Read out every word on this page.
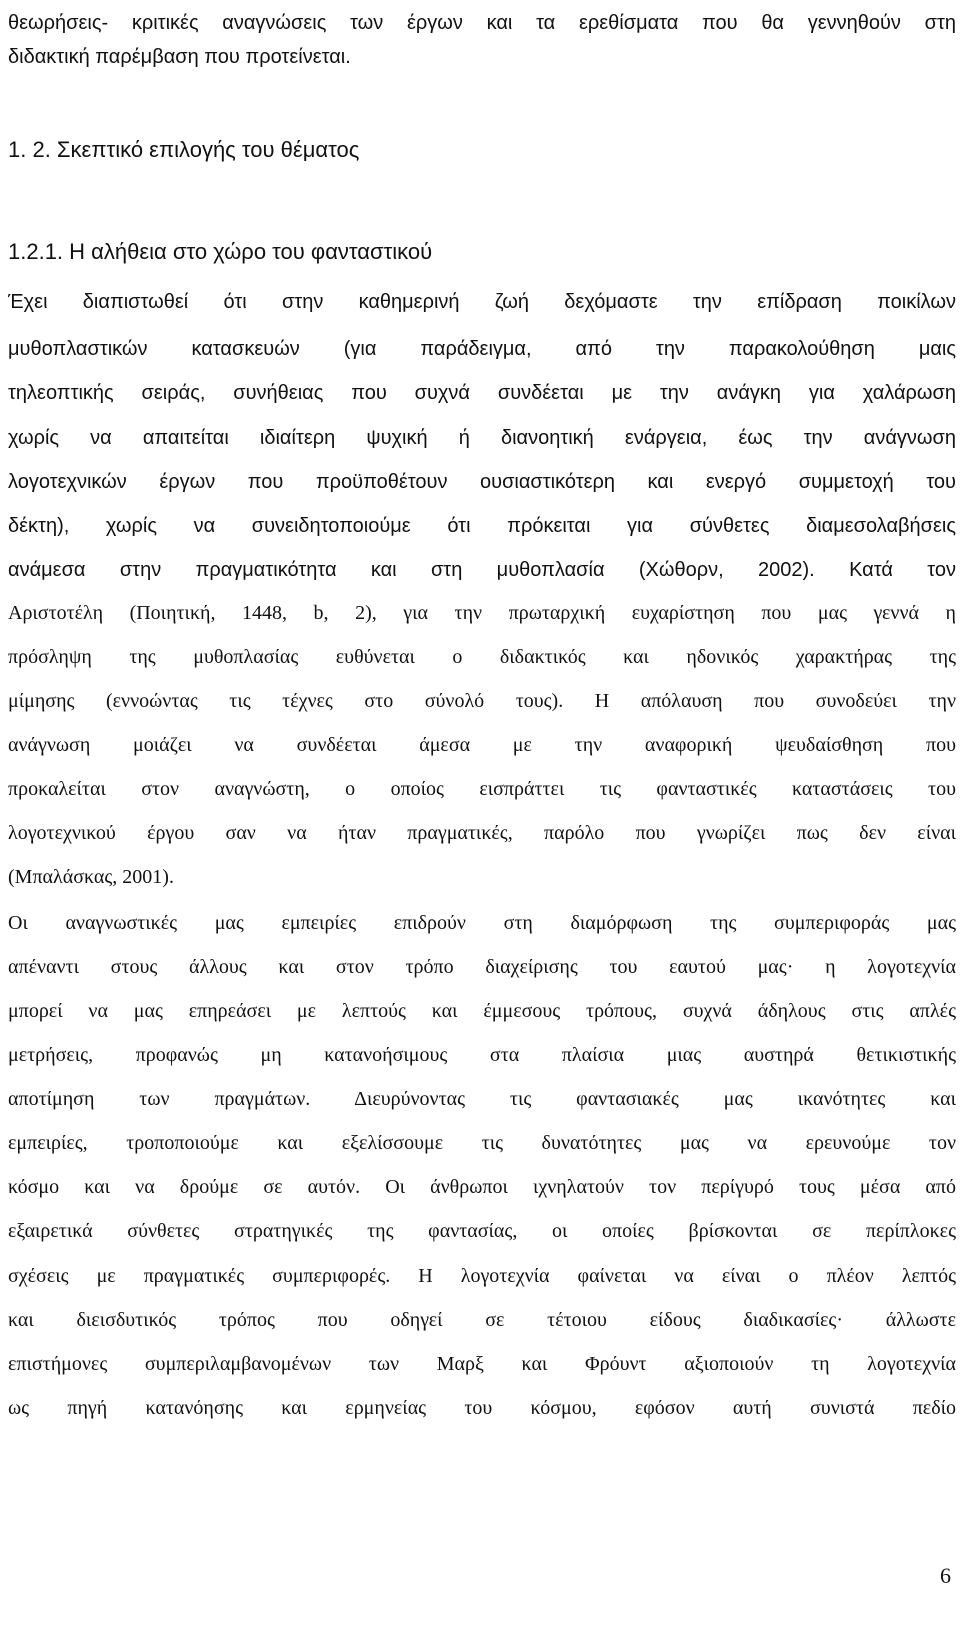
θεωρήσεις- κριτικές αναγνώσεις των έργων και τα ερεθίσματα που θα γεννηθούν στη
διδακτική παρέμβαση που προτείνεται.
1. 2. Σκεπτικό επιλογής του θέματος
1.2.1. Η αλήθεια στο χώρο του φανταστικού
Έχει διαπιστωθεί ότι στην καθημερινή ζωή δεχόμαστε την επίδραση ποικίλων
μυθοπλαστικών κατασκευών (για παράδειγμα, από την παρακολούθηση μαις
τηλεοπτικής σειράς, συνήθειας που συχνά συνδέεται με την ανάγκη για χαλάρωση
χωρίς να απαιτείται ιδιαίτερη ψυχική ή διανοητική ενάργεια, έως την ανάγνωση
λογοτεχνικών έργων που προϋποθέτουν ουσιαστικότερη και ενεργό συμμετοχή του
δέκτη), χωρίς να συνειδητοποιούμε ότι πρόκειται για σύνθετες διαμεσολαβήσεις
ανάμεσα στην πραγματικότητα και στη μυθοπλασία (Χώθορν, 2002). Κατά τον
Αριστοτέλη (Ποιητική, 1448, b, 2), για την πρωταρχική ευχαρίστηση που μας γεννά η
πρόσληψη της μυθοπλασίας ευθύνεται ο διδακτικός και ηδονικός χαρακτήρας της
μίμησης (εννοώντας τις τέχνες στο σύνολό τους). Η απόλαυση που συνοδεύει την
ανάγνωση μοιάζει να συνδέεται άμεσα με την αναφορική ψευδαίσθηση που
προκαλείται στον αναγνώστη, ο οποίος εισπράττει τις φανταστικές καταστάσεις του
λογοτεχνικού έργου σαν να ήταν πραγματικές, παρόλο που γνωρίζει πως δεν είναι
(Μπαλάσκας, 2001).
Οι αναγνωστικές μας εμπειρίες επιδρούν στη διαμόρφωση της συμπεριφοράς μας
απέναντι στους άλλους και στον τρόπο διαχείρισης του εαυτού μας· η λογοτεχνία
μπορεί να μας επηρεάσει με λεπτούς και έμμεσους τρόπους, συχνά άδηλους στις απλές
μετρήσεις, προφανώς μη κατανοήσιμους στα πλαίσια μιας αυστηρά θετικιστικής
αποτίμηση των πραγμάτων. Διευρύνοντας τις φαντασιακές μας ικανότητες και
εμπειρίες, τροποποιούμε και εξελίσσουμε τις δυνατότητες μας να ερευνούμε τον
κόσμο και να δρούμε σε αυτόν. Οι άνθρωποι ιχνηλατούν τον περίγυρό τους μέσα από
εξαιρετικά σύνθετες στρατηγικές της φαντασίας, οι οποίες βρίσκονται σε περίπλοκες
σχέσεις με πραγματικές συμπεριφορές. Η λογοτεχνία φαίνεται να είναι ο πλέον λεπτός
και διεισδυτικός τρόπος που οδηγεί σε τέτοιου είδους διαδικασίες· άλλωστε
επιστήμονες συμπεριλαμβανομένων των Μαρξ και Φρόυντ αξιοποιούν τη λογοτεχνία
ως πηγή κατανόησης και ερμηνείας του κόσμου, εφόσον αυτή συνιστά πεδίο
6
